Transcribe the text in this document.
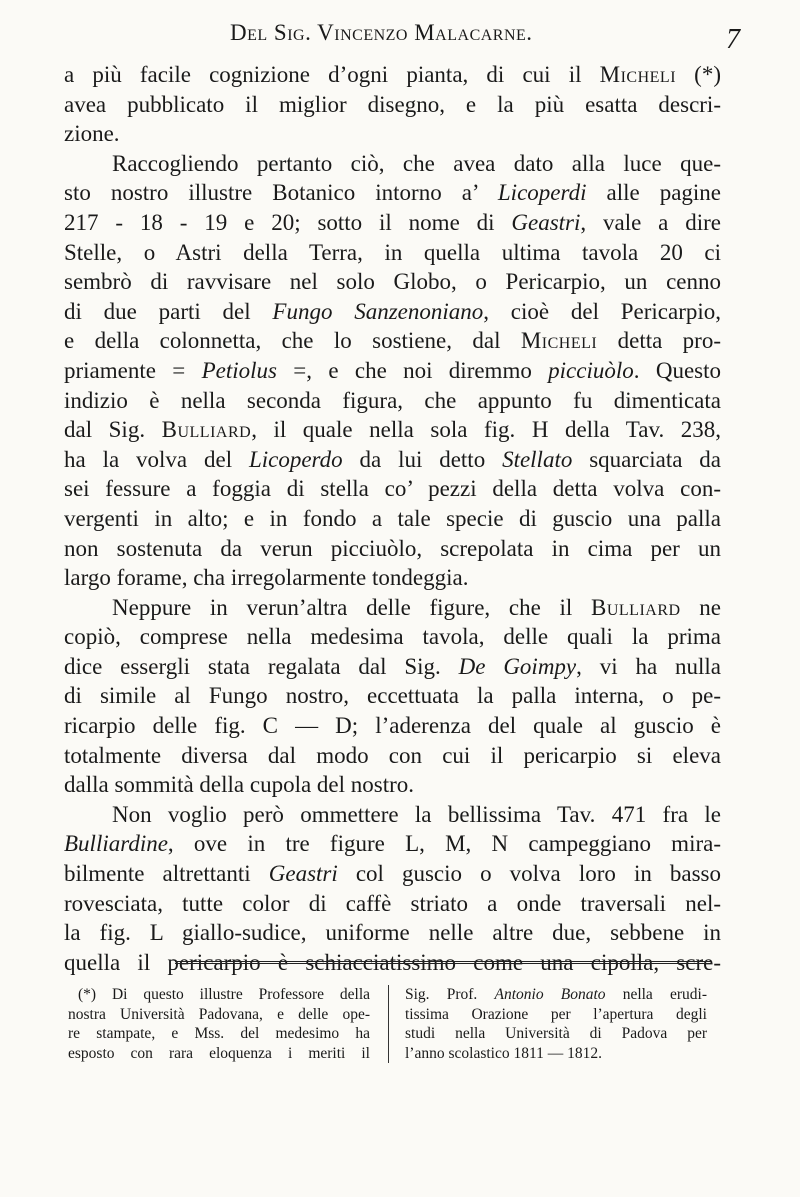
Del Sig. Vincenzo Malacarne.	7
a più facile cognizione d’ogni pianta, di cui il Micheli (*)
avea pubblicato il miglior disegno, e la più esatta descri-
zione.
Raccogliendo pertanto ciò, che avea dato alla luce que-
sto nostro illustre Botanico intorno a’ Licoperdi alle pagine
217 - 18 - 19 e 20; sotto il nome di Geastri, vale a dire
Stelle, o Astri della Terra, in quella ultima tavola 20 ci
sembrò di ravvisare nel solo Globo, o Pericarpio, un cenno
di due parti del Fungo Sanzenoniano, cioè del Pericarpio,
e della colonnetta, che lo sostiene, dal Micheli detta pro-
priamente = Petiolus =, e che noi diremmo picciuòlo. Questo
indizio è nella seconda figura, che appunto fu dimenticata
dal Sig. Bulliard, il quale nella sola fig. H della Tav. 238,
ha la volva del Licoperdo da lui detto Stellato squarciata da
sei fessure a foggia di stella co’ pezzi della detta volva con-
vergenti in alto; e in fondo a tale specie di guscio una palla
non sostenuta da verun picciuòlo, screpolata in cima per un
largo forame, cha irregolarmente tondeggia.
Neppure in verun’altra delle figure, che il Bulliard ne
copiò, comprese nella medesima tavola, delle quali la prima
dice essergli stata regalata dal Sig. De Goimpy, vi ha nulla
di simile al Fungo nostro, eccettuata la palla interna, o pe-
ricarpio delle fig. C — D; l’aderenza del quale al guscio è
totalmente diversa dal modo con cui il pericarpio si eleva
dalla sommità della cupola del nostro.
Non voglio però ommettere la bellissima Tav. 471 fra le
Bulliardine, ove in tre figure L, M, N campeggiano mira-
bilmente altrettanti Geastri col guscio o volva loro in basso
rovesciata, tutte color di caffè striato a onde traversali nel-
la fig. L giallo-sudice, uniforme nelle altre due, sebbene in
quella il pericarpio è schiacciatissimo come una cipolla, scre-
(*) Di questo illustre Professore della
nostra Università Padovana, e delle ope-
re stampate, e Mss. del medesimo ha
esposto con rara eloquenza i meriti il
Sig. Prof. Antonio Bonato nella erudi-
tissima Orazione per l’apertura degli
studi nella Università di Padova per
l’anno scolastico 1811 — 1812.
